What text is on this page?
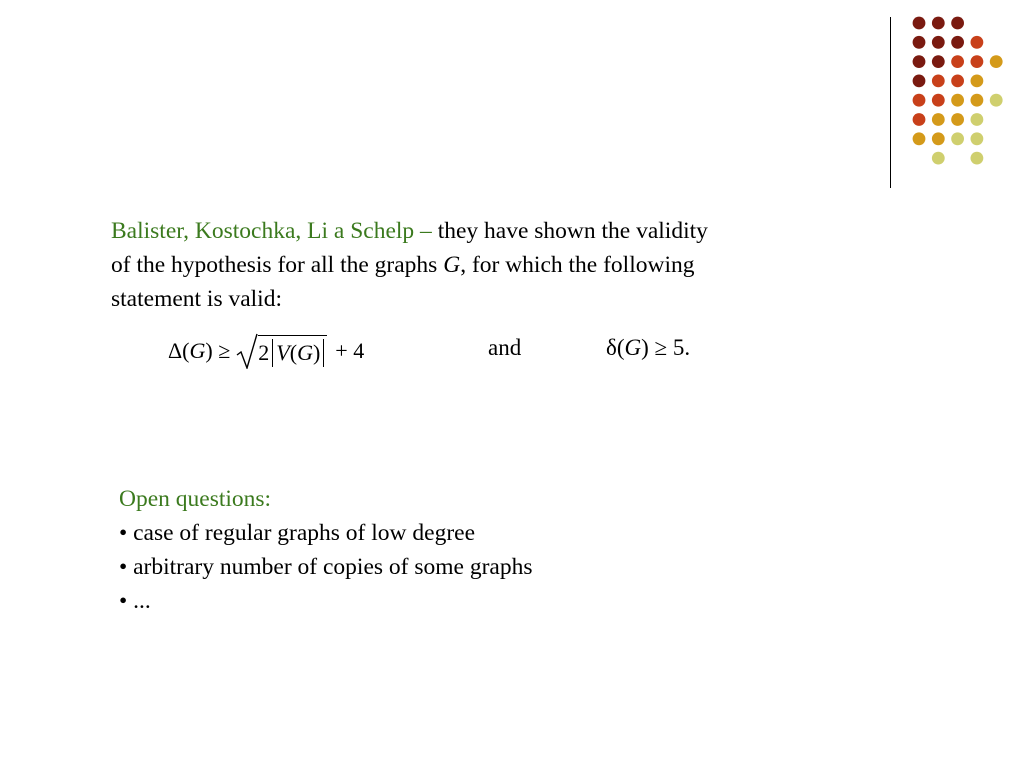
Balister, Kostochka, Li a Schelp – they have shown the validity
of the hypothesis for all the graphs G, for which the following
statement is valid:
Δ( G ) ≥ 2 V ( G ) + 4	and	δ(G) ≥ 5.
Open questions:
• case of regular graphs of low degree
• arbitrary number of copies of some graphs
• ...
